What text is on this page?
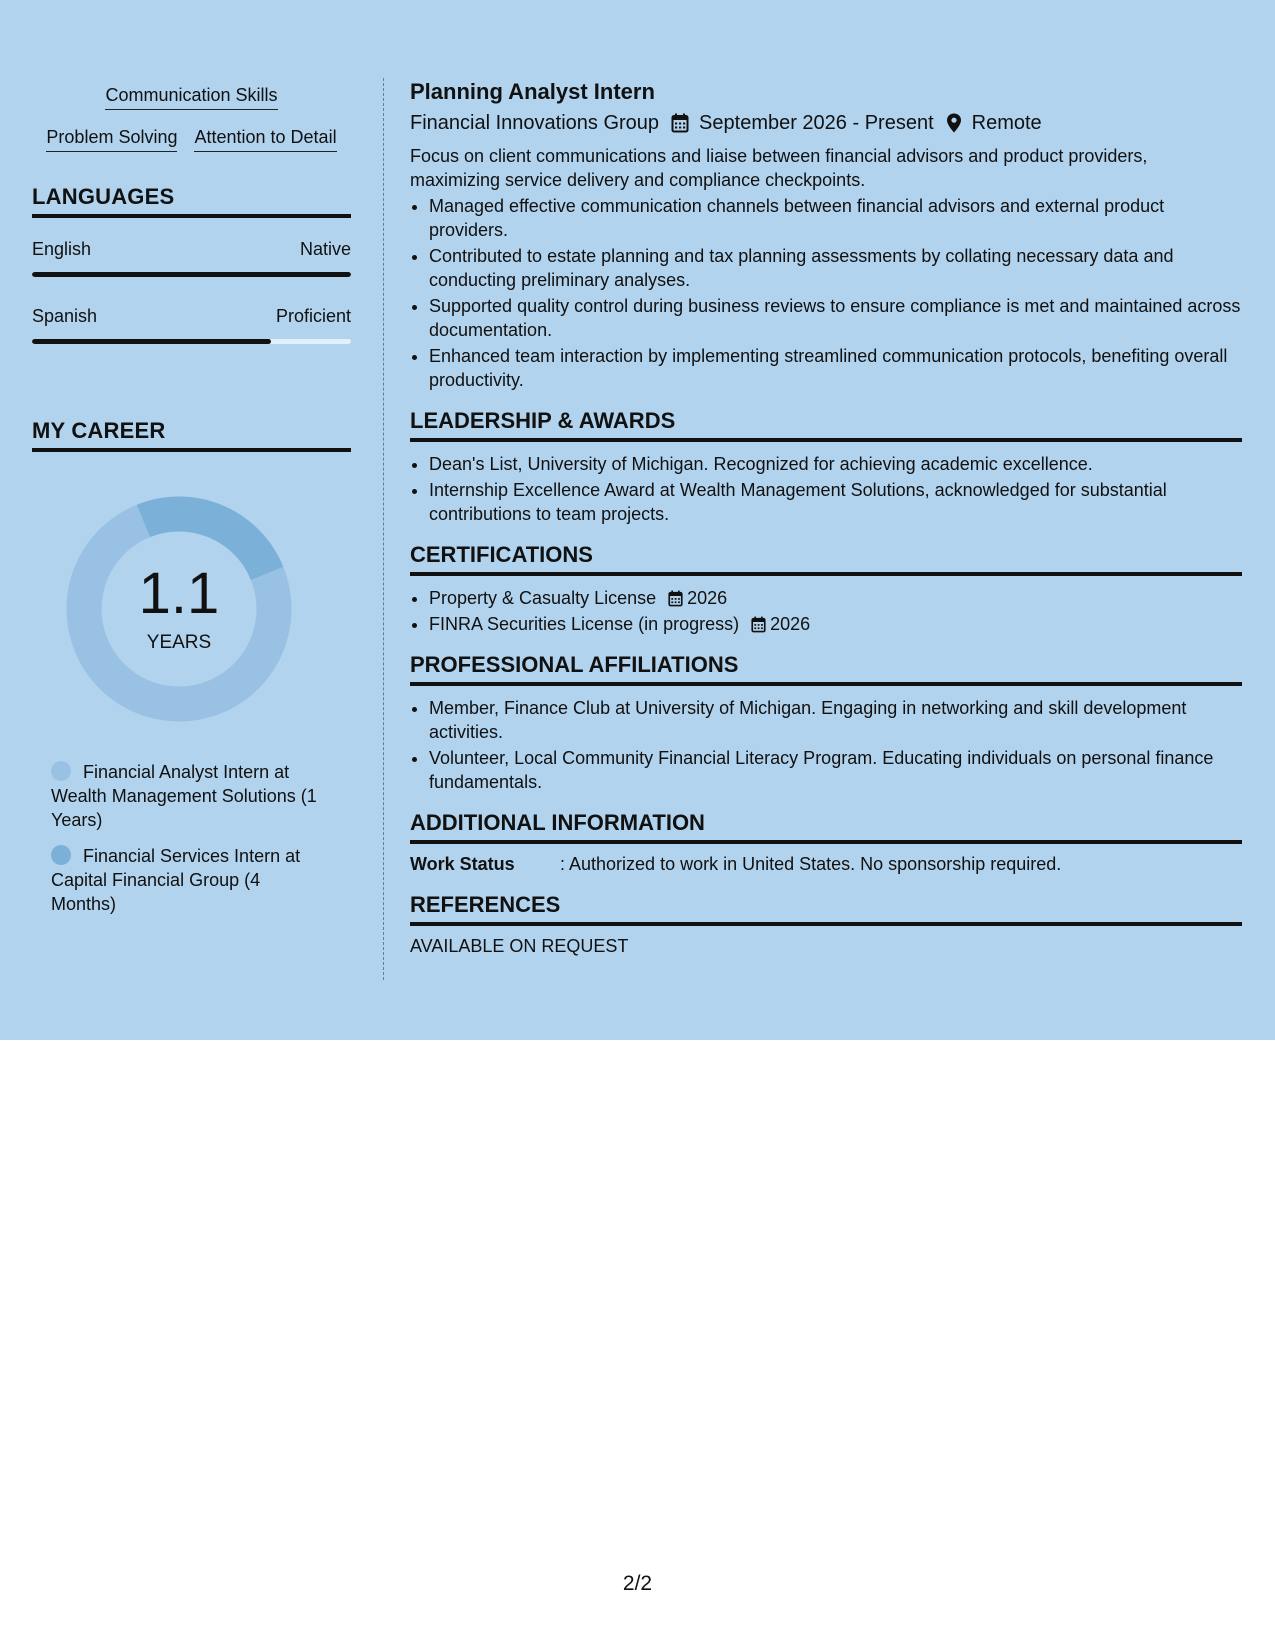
Communication Skills
Problem Solving Attention to Detail
LANGUAGES
English	Native
Spanish	Proficient
MY CAREER
1.1
YEARS
Financial Analyst Intern at Wealth Management Solutions (1 Years)
Financial Services Intern at Capital Financial Group (4 Months)
Planning Analyst Intern
Financial Innovations Group September 2026 - Present Remote
Focus on client communications and liaise between financial advisors and product providers, maximizing service delivery and compliance checkpoints.
• Managed effective communication channels between financial advisors and external product providers.
• Contributed to estate planning and tax planning assessments by collating necessary data and conducting preliminary analyses.
• Supported quality control during business reviews to ensure compliance is met and maintained across documentation.
• Enhanced team interaction by implementing streamlined communication protocols, benefiting overall productivity.
LEADERSHIP & AWARDS
• Dean's List, University of Michigan. Recognized for achieving academic excellence.
• Internship Excellence Award at Wealth Management Solutions, acknowledged for substantial contributions to team projects.
CERTIFICATIONS
• Property & Casualty License 2026
• FINRA Securities License (in progress) 2026
PROFESSIONAL AFFILIATIONS
• Member, Finance Club at University of Michigan. Engaging in networking and skill development activities.
• Volunteer, Local Community Financial Literacy Program. Educating individuals on personal finance fundamentals.
ADDITIONAL INFORMATION
Work Status	: Authorized to work in United States. No sponsorship required.
REFERENCES
AVAILABLE ON REQUEST
2/2
